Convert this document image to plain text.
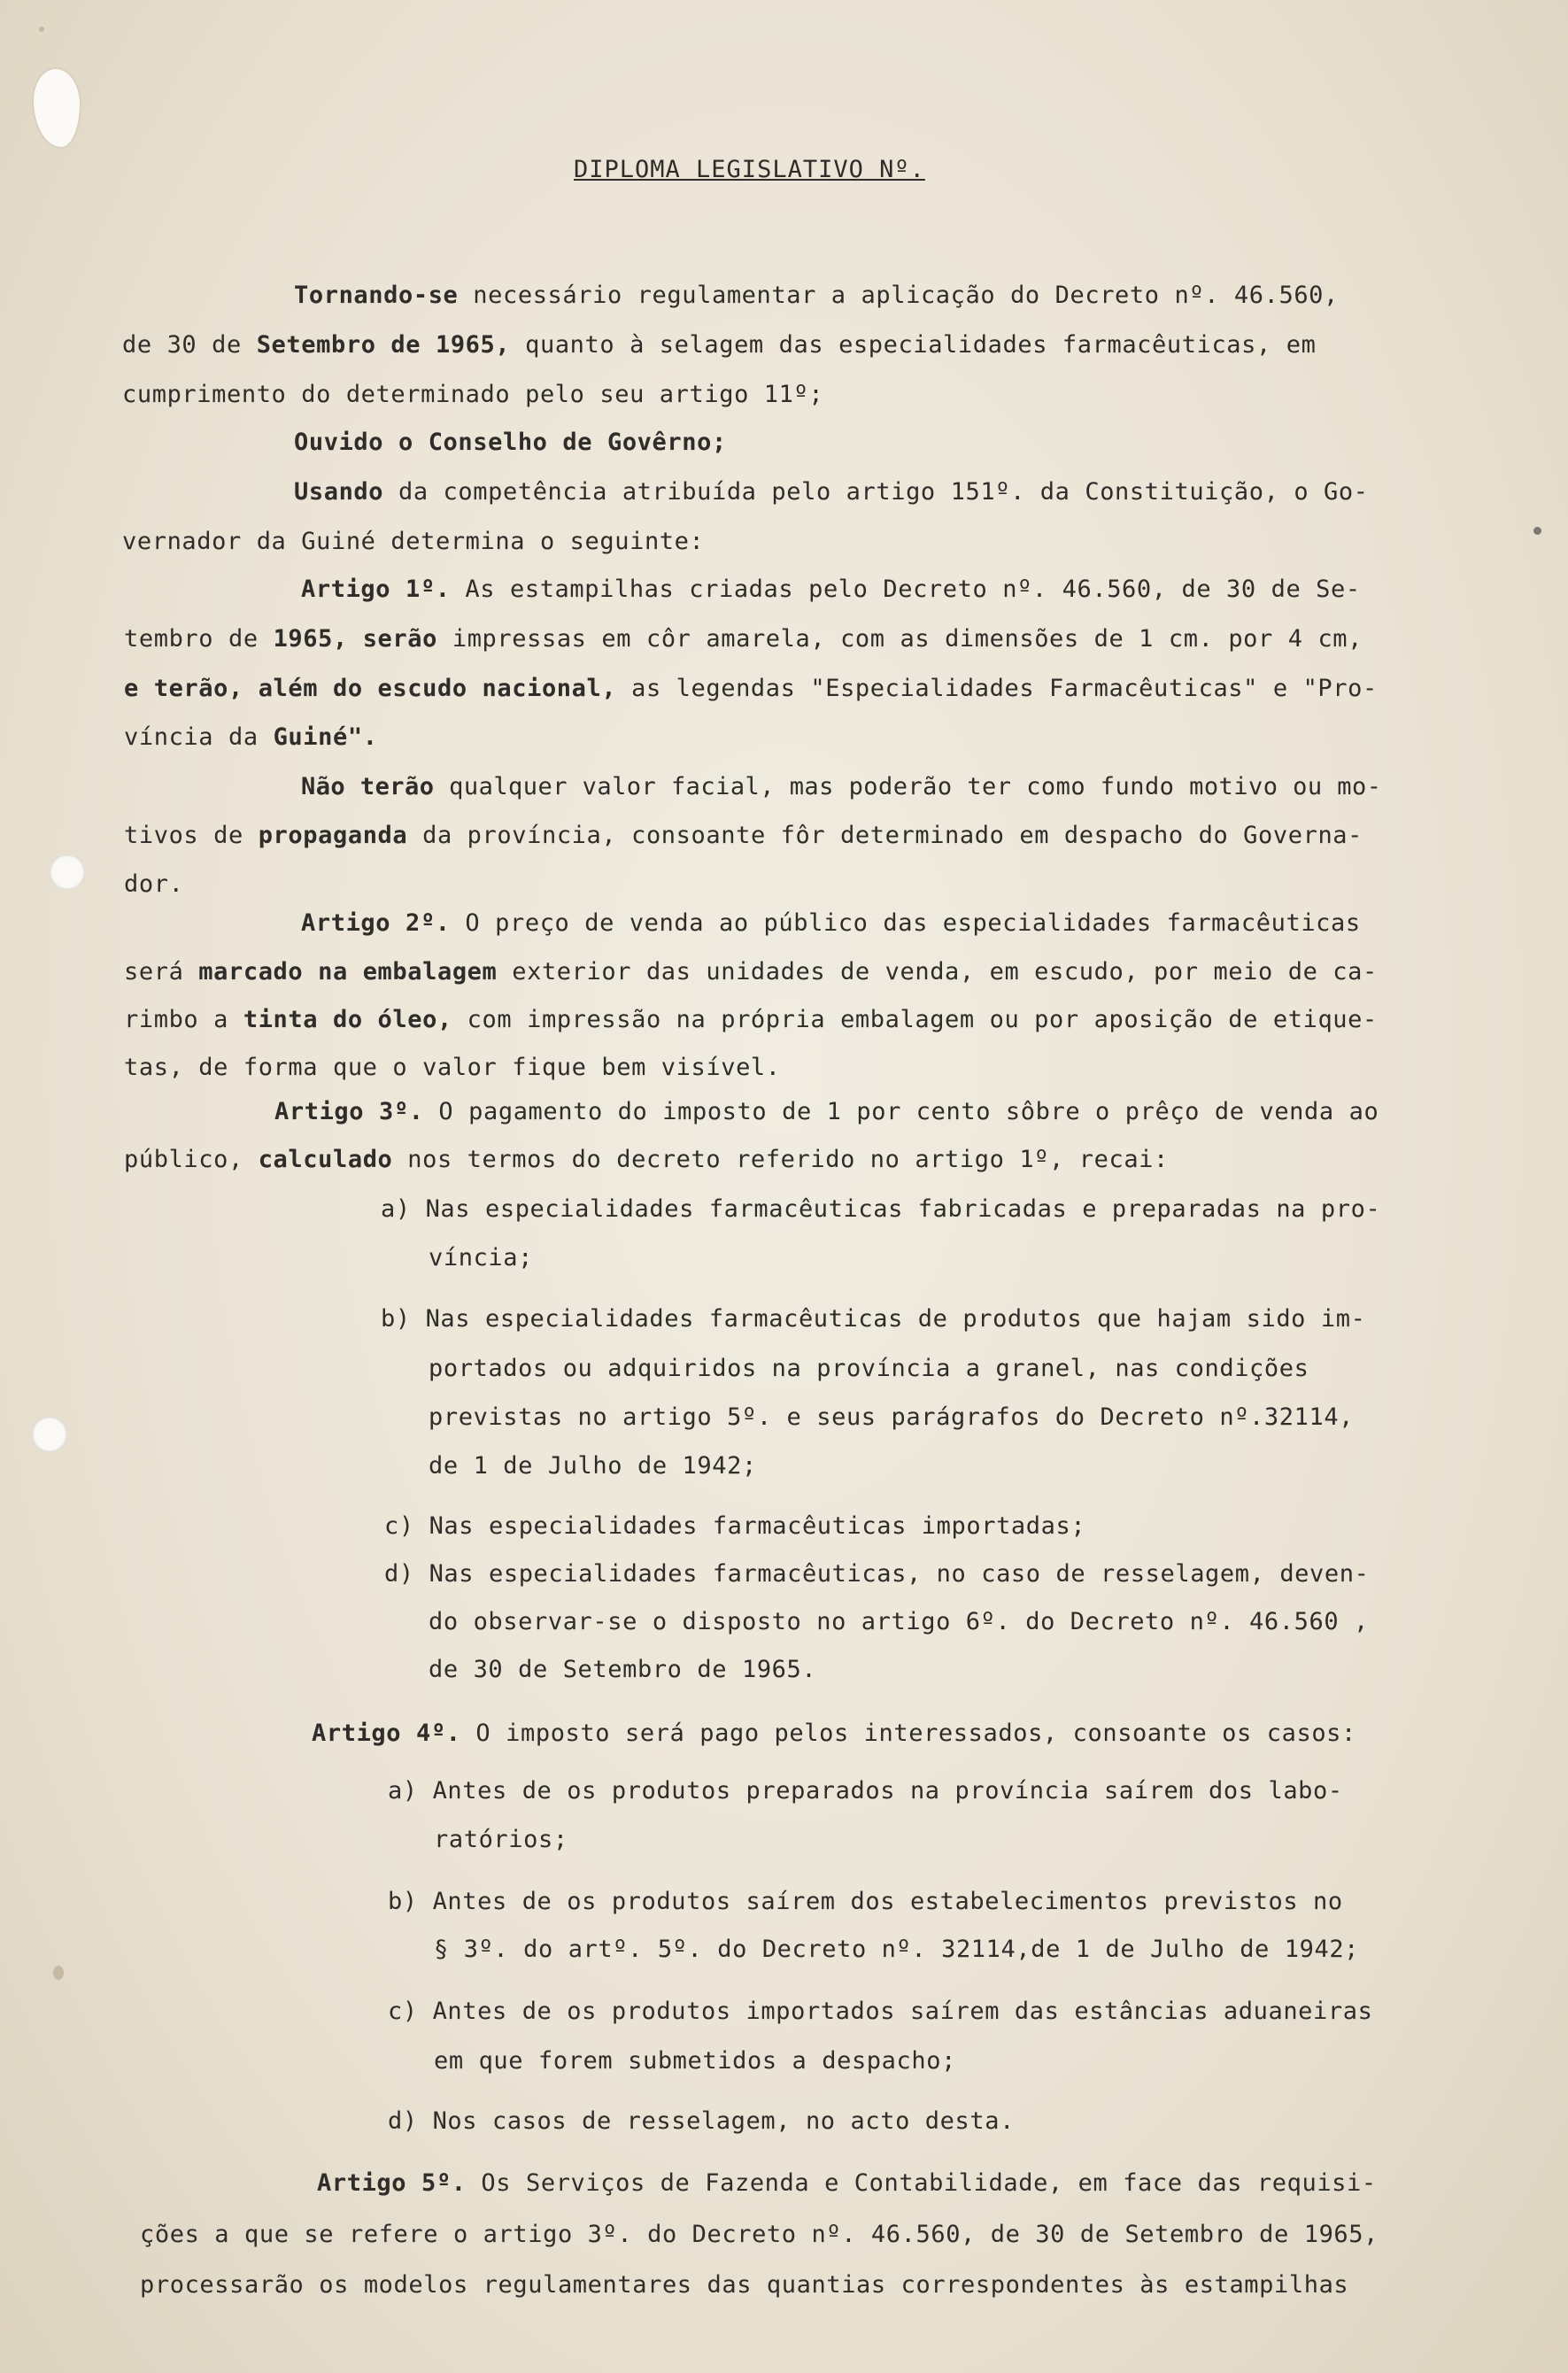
DIPLOMA LEGISLATIVO Nº.
Tornando-se necessário regulamentar a aplicação do Decreto nº. 46.560,
de 30 de Setembro de 1965, quanto à selagem das especialidades farmacêuticas, em
cumprimento do determinado pelo seu artigo 11º;
Ouvido o Conselho de Govêrno;
Usando da competência atribuída pelo artigo 151º. da Constituição, o Go-
vernador da Guiné determina o seguinte:
Artigo 1º. As estampilhas criadas pelo Decreto nº. 46.560, de 30 de Se-
tembro de 1965, serão impressas em côr amarela, com as dimensões de 1 cm. por 4 cm,
e terão, além do escudo nacional, as legendas "Especialidades Farmacêuticas" e "Pro-
víncia da Guiné".
Não terão qualquer valor facial, mas poderão ter como fundo motivo ou mo-
tivos de propaganda da província, consoante fôr determinado em despacho do Governa-
dor.
Artigo 2º. O preço de venda ao público das especialidades farmacêuticas
será marcado na embalagem exterior das unidades de venda, em escudo, por meio de ca-
rimbo a tinta do óleo, com impressão na própria embalagem ou por aposição de etique-
tas, de forma que o valor fique bem visível.
Artigo 3º. O pagamento do imposto de 1 por cento sôbre o prêço de venda ao
público, calculado nos termos do decreto referido no artigo 1º, recai:
a) Nas especialidades farmacêuticas fabricadas e preparadas na pro-
víncia;
b) Nas especialidades farmacêuticas de produtos que hajam sido im-
portados ou adquiridos na província a granel, nas condições
previstas no artigo 5º. e seus parágrafos do Decreto nº.32114,
de 1 de Julho de 1942;
c) Nas especialidades farmacêuticas importadas;
d) Nas especialidades farmacêuticas, no caso de resselagem, deven-
do observar-se o disposto no artigo 6º. do Decreto nº. 46.560 ,
de 30 de Setembro de 1965.
Artigo 4º. O imposto será pago pelos interessados, consoante os casos:
a) Antes de os produtos preparados na província saírem dos labo-
ratórios;
b) Antes de os produtos saírem dos estabelecimentos previstos no
§ 3º. do artº. 5º. do Decreto nº. 32114,de 1 de Julho de 1942;
c) Antes de os produtos importados saírem das estâncias aduaneiras
em que forem submetidos a despacho;
d) Nos casos de resselagem, no acto desta.
Artigo 5º. Os Serviços de Fazenda e Contabilidade, em face das requisi-
ções a que se refere o artigo 3º. do Decreto nº. 46.560, de 30 de Setembro de 1965,
processarão os modelos regulamentares das quantias correspondentes às estampilhas
